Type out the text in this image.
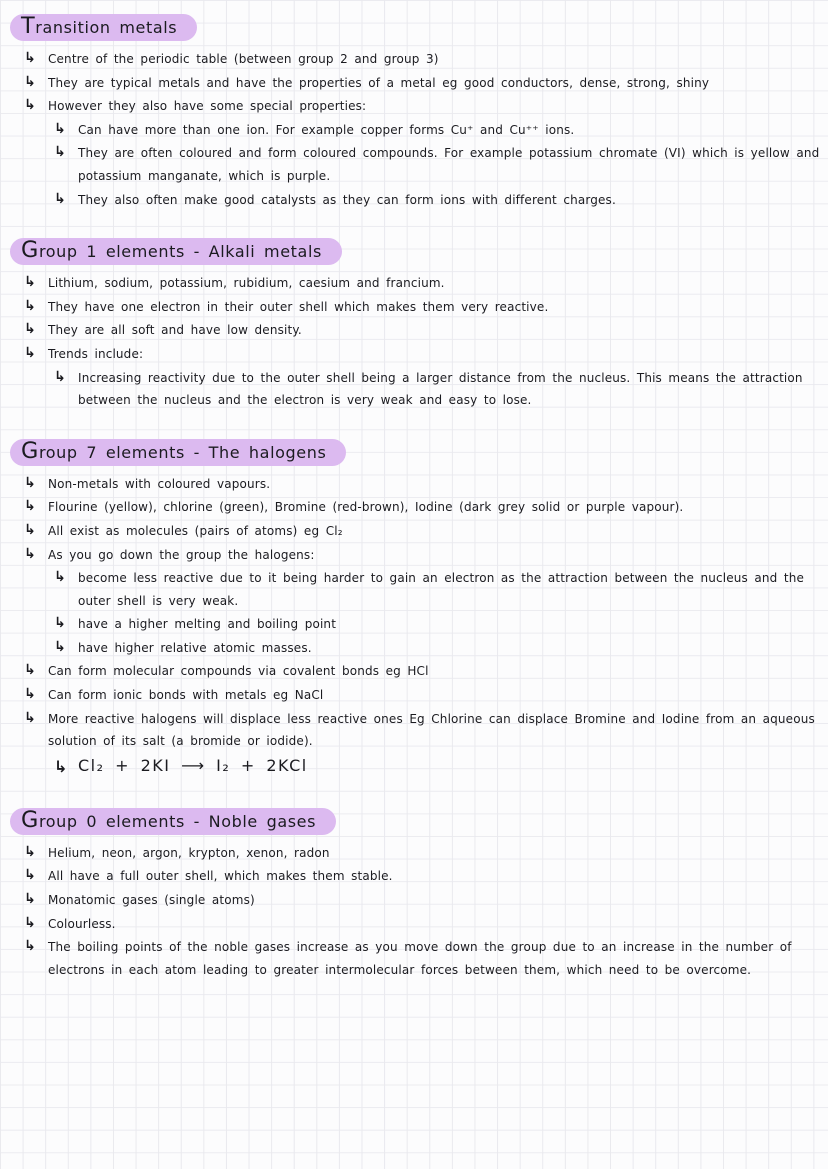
Transition metals
↳	Centre of the periodic table (between group 2 and group 3)
↳	They are typical metals and have the properties of a metal eg good conductors, dense, strong, shiny
↳	However they also have some special properties:
↳	Can have more than one ion. For example copper forms Cu⁺ and Cu⁺⁺ ions.
↳	They are often coloured and form coloured compounds. For example potassium chromate (VI) which is yellow and potassium manganate, which is purple.
↳	They also often make good catalysts as they can form ions with different charges.
Group 1 elements - Alkali metals
↳	Lithium, sodium, potassium, rubidium, caesium and francium.
↳	They have one electron in their outer shell which makes them very reactive.
↳	They are all soft and have low density.
↳	Trends include:
↳	Increasing reactivity due to the outer shell being a larger distance from the nucleus. This means the attraction between the nucleus and the electron is very weak and easy to lose.
Group 7 elements - The halogens
↳	Non-metals with coloured vapours.
↳	Flourine (yellow), chlorine (green), Bromine (red-brown), Iodine (dark grey solid or purple vapour).
↳	All exist as molecules (pairs of atoms) eg Cl₂
↳	As you go down the group the halogens:
↳	become less reactive due to it being harder to gain an electron as the attraction between the nucleus and the outer shell is very weak.
↳	have a higher melting and boiling point
↳	have higher relative atomic masses.
↳	Can form molecular compounds via covalent bonds eg HCl
↳	Can form ionic bonds with metals eg NaCl
↳	More reactive halogens will displace less reactive ones Eg Chlorine can displace Bromine and Iodine from an aqueous solution of its salt (a bromide or iodide).
↳ Cl₂ + 2KI ⟶ I₂ + 2KCl
Group 0 elements - Noble gases
↳	Helium, neon, argon, krypton, xenon, radon
↳	All have a full outer shell, which makes them stable.
↳	Monatomic gases (single atoms)
↳	Colourless.
↳	The boiling points of the noble gases increase as you move down the group due to an increase in the number of electrons in each atom leading to greater intermolecular forces between them, which need to be overcome.
